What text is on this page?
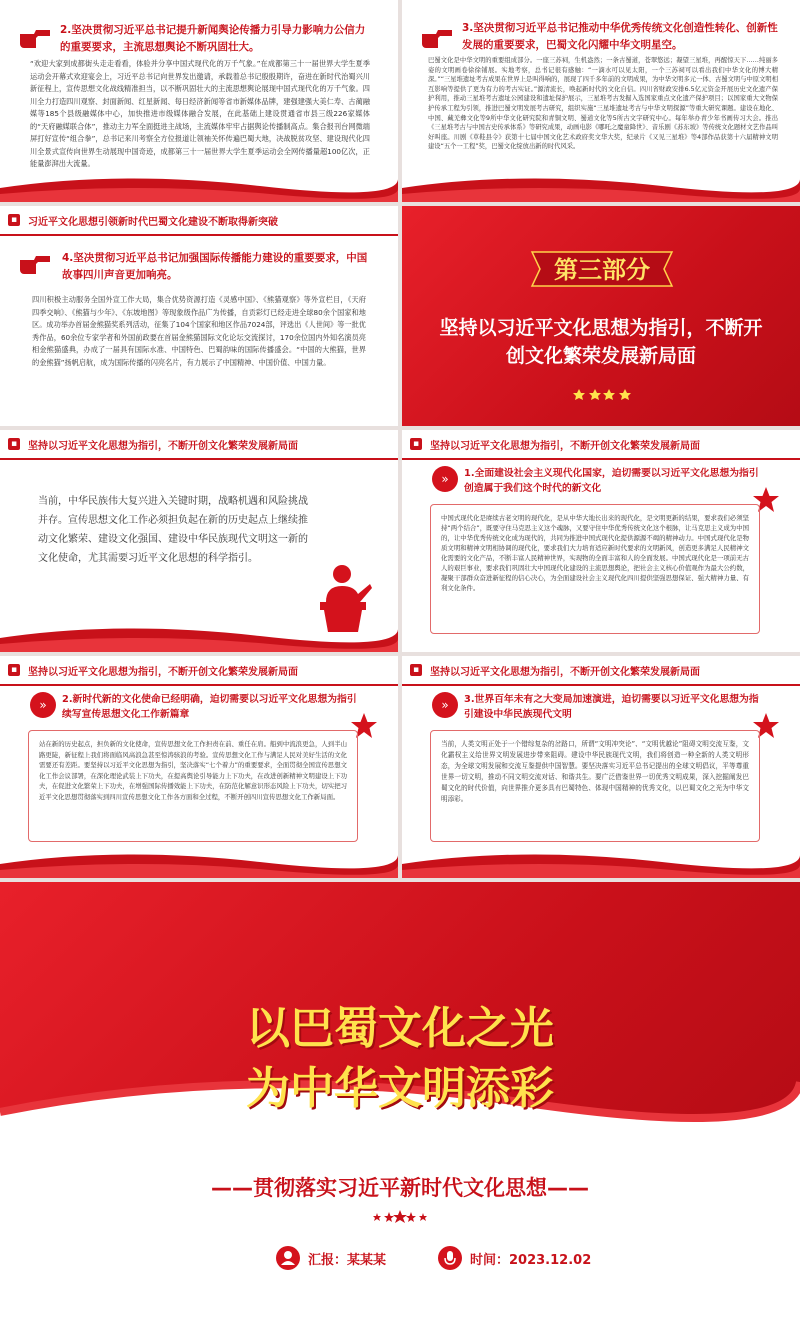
2.坚决贯彻习近平总书记提升新闻舆论传播力引导力影响力公信力的重要要求，主流思想舆论不断巩固壮大。
“欢迎大家到成都街头走走看看，体验并分享中国式现代化的万千气象。”在成都第三十一届世界大学生夏季运动会开幕式欢迎宴会上，习近平总书记向世界发出邀请，承载着总书记殷殷期许，奋进在新时代治蜀兴川新征程上，宣传思想文化战线精准担当，以不断巩固壮大的主流思想舆论展现中国式现代化的万千气象。四川全力打造四川观察、封面新闻、红星新闻、每日经济新闻等省市新媒体品牌，建强建强大美仁寿、古蔺融媒等185个县级融媒体中心，加快推进市级媒体融合发展，在此基础上建设贯通省市县三级226家媒体的“天府融媒联合体”，推动主力军全面挺进主战场，主流媒体牢牢占据舆论传播制高点。集合报刊台网微端屏打好宣传“组合拳”，总书记来川考察全方位报道让领袖关怀传遍巴蜀大地，决战脱贫攻坚、建设现代化四川全景式宣传向世界生动展现中国奇迹，成都第三十一届世界大学生夏季运动会全网传播量超100亿次，正能量澎湃出大流量。
3.坚决贯彻习近平总书记推动中华优秀传统文化创造性转化、创新性发展的重要要求，巴蜀文化闪耀中华文明星空。
巴蜀文化是中华文明的重要组成部分。一座三苏祠，生机盎然；一条古蜀道，苍翠悠远；凝望三星堆，再醒惊天下……纯丽多姿的文明画卷徐徐铺展。实地考察，总书记很有感触：“一滴水可以见太阳，一个三苏祠可以看出我们中华文化的博大精深。”“三星堆遗址考古成果在世界上是叫得响的，展现了四千多年前的文明成果，为中华文明多元一体、古蜀文明与中原文明相互影响等提供了更为有力的考古实证。”源清流长，唤起新时代的文化自信。四川省财政安排6.5亿元资金开展历史文化遗产保护利用，推动三星堆考古遗址公园建设和遗址保护展示，三星堆考古发掘入选国家重点文化遗产保护项目；以国家重大文物保护传承工程为引领，推进巴蜀文明发展考古研究，组织实施“三星堆遗址考古与中华文明探源”等重大研究课题。建设在地化、中国、藏羌彝文化等9所中华文化研究院和青铜文明、蜀道文化等5所古文字研究中心。每年举办青少年书画传习大会。推出《三星堆考古与中国古史传承体系》等研究成果，动画电影《哪吒之魔童降世》、音乐剧《苏东坡》等传统文化题材文艺作品叫好叫座。川剧《草鞋县令》获第十七届中国文化艺术政府奖文华大奖，纪录片《又见三星堆》等4部作品获第十六届精神文明建设“五个一工程”奖，巴蜀文化绽放出新的时代风采。
▪ 习近平文化思想引领新时代巴蜀文化建设不断取得新突破
4.坚决贯彻习近平总书记加强国际传播能力建设的重要要求，中国故事四川声音更加响亮。
四川积极主动服务全国外宣工作大局，集合优势资源打造《灵感中国》、《熊猫观察》等外宣栏目，《天府四季交响》、《熊猫与少年》、《东坡地图》等现象级作品广为传播，自贡彩灯已经走进全球80余个国家和地区。成功举办首届金熊猫奖系列活动，征集了104个国家和地区作品7024部，评选出《人世间》等一批优秀作品，60余位专家学者和外国前政要在首届金熊猫国际文化论坛交流探讨，170余位国内外知名演员亮相金熊猫盛典，办成了一届具有国际水准、中国特色、巴蜀韵味的国际传播盛会。“中国的大熊猫，世界的金熊猫”扬帆启航，成为国际传播的闪亮名片，有力展示了中国精神、中国价值、中国力量。
第三部分
坚持以习近平文化思想为指引，不断开创文化繁荣发展新局面
▪ 坚持以习近平文化思想为指引，不断开创文化繁荣发展新局面
当前，中华民族伟大复兴进入关键时期，战略机遇和风险挑战并存。宣传思想文化工作必须担负起在新的历史起点上继续推动文化繁荣、建设文化强国、建设中华民族现代文明这一新的文化使命，尤其需要习近平文化思想的科学指引。
▪ 坚持以习近平文化思想为指引，不断开创文化繁荣发展新局面
»	1.全面建设社会主义现代化国家，迫切需要以习近平文化思想为指引创造属于我们这个时代的新文化
中国式现代化是赓续古老文明的现代化，是从中华大地长出来的现代化，是文明更新的结果，要求我们必须坚持“两个结合”，既要守住马克思主义这个魂脉，又要守住中华优秀传统文化这个根脉，让马克思主义成为中国的，让中华优秀传统文化成为现代的，共同为推进中国式现代化提供源源不竭的精神动力。中国式现代化是物质文明和精神文明相协调的现代化，要求我们大力培育适应新时代要求的文明新风，创造更多满足人民精神文化需要的文化产品，不断丰富人民精神世界，实现物的全面丰富和人的全面发展。中国式现代化是一项前无古人的艰巨事业，要求我们巩固壮大中国现代化建设的主流思想舆论，把社会主义核心价值观作为最大公约数，凝聚干部群众奋进新征程的信心决心，为全面建设社会主义现代化四川提供坚强思想保证、强大精神力量、有利文化条件。
▪ 坚持以习近平文化思想为指引，不断开创文化繁荣发展新局面
»	2.新时代新的文化使命已经明确，迫切需要以习近平文化思想为指引续写宣传思想文化工作新篇章
站在新的历史起点，担负新的文化使命，宣传思想文化工作担责在前、重任在肩。船到中流浪更急，人到半山路更陡，新征程上我们将面临风高浪急甚至惊涛骇浪的考验。宣传思想文化工作与满足人民对美好生活的文化需要还有差距。要坚持以习近平文化思想为指引，坚决落实“七个着力”的重要要求，全面贯彻全国宣传思想文化工作会议部署，在深化理论武装上下功夫，在提高舆论引导能力上下功夫，在改进创新精神文明建设上下功夫，在促进文化繁荣上下功夫，在增强国际传播效能上下功夫，在防范化解意识形态风险上下功夫，切实把习近平文化思想贯彻落实到四川宣传思想文化工作各方面和全过程，不断开创四川宣传思想文化工作新局面。
▪ 坚持以习近平文化思想为指引，不断开创文化繁荣发展新局面
»	3.世界百年未有之大变局加速演进，迫切需要以习近平文化思想为指引建设中华民族现代文明
当前，人类文明正处于一个错综复杂的岔路口，所谓“文明冲突论”、“文明优越论”阻碍文明交流互鉴，文化霸权主义给世界文明发展进步带来阻碍。建设中华民族现代文明，我们将创造一种全新的人类文明形态，为全球文明发展和交流互鉴提供中国智慧。要坚决落实习近平总书记提出的全球文明倡议，平等尊重世界一切文明，推动不同文明交流对话、和谐共生。要广泛借鉴世界一切优秀文明成果，深入挖掘阐发巴蜀文化的时代价值，向世界推介更多具有巴蜀特色、体现中国精神的优秀文化，以巴蜀文化之光为中华文明添彩。
以巴蜀文化之光
为中华文明添彩
——贯彻落实习近平新时代文化思想——
汇报：某某某	时间：2023.12.02
